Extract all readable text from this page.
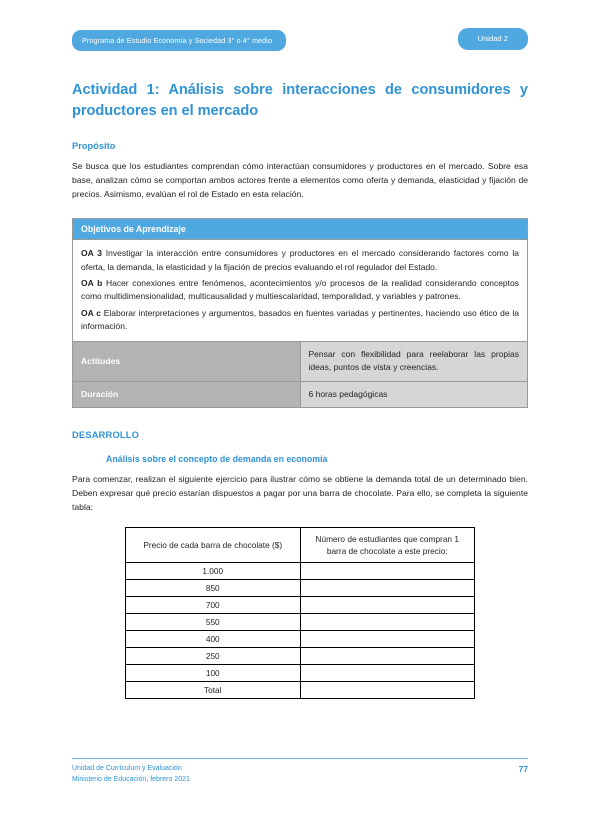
Programa de Estudio Economía y Sociedad 3° o 4° medio	Unidad 2
Actividad 1: Análisis sobre interacciones de consumidores y productores en el mercado
Propósito

Se busca que los estudiantes comprendan cómo interactúan consumidores y productores en el mercado. Sobre esa base, analizan cómo se comportan ambos actores frente a elementos como oferta y demanda, elasticidad y fijación de precios. Asimismo, evalúan el rol de Estado en esta relación.

Objetivos de Aprendizaje	

OA 3 Investigar la interacción entre consumidores y productores en el mercado considerando factores como la oferta, la demanda, la elasticidad y la fijación de precios evaluando el rol regulador del Estado.
OA b Hacer conexiones entre fenómenos, acontecimientos y/o procesos de la realidad considerando conceptos como multidimensionalidad, multicausalidad y multiescalaridad, temporalidad, y variables y patrones.
OA c Elaborar interpretaciones y argumentos, basados en fuentes variadas y pertinentes, haciendo uso ético de la información.	

Actitudes	Pensar con flexibilidad para reelaborar las propias ideas, puntos de vista y creencias.
Duración	6 horas pedagógicas
DESARROLLO
Análisis sobre el concepto de demanda en economía

Para comenzar, realizan el siguiente ejercicio para ilustrar cómo se obtiene la demanda total de un determinado bien. Deben expresar qué precio estarían dispuestos a pagar por una barra de chocolate. Para ello, se completa la siguiente tabla:

Precio de cada barra de chocolate ($)	Número de estudiantes que compran 1 barra de chocolate a este precio:
1.000	
850	
700	
550	
400	
250	
100	
Total	
Unidad de Currículum y Evaluación
Ministerio de Educación, febrero 2021
77
